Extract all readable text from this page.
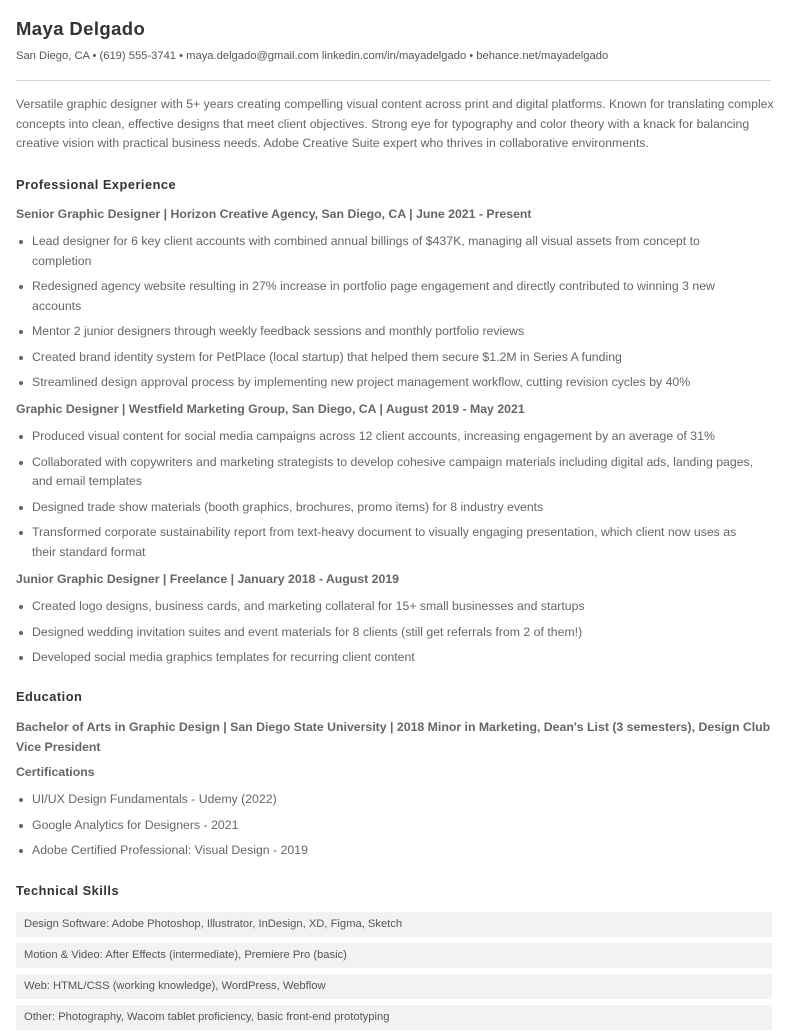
Maya Delgado
San Diego, CA • (619) 555-3741 • maya.delgado@gmail.com linkedin.com/in/mayadelgado • behance.net/mayadelgado

Versatile graphic designer with 5+ years creating compelling visual content across print and digital platforms. Known for translating complex concepts into clean, effective designs that meet client objectives. Strong eye for typography and color theory with a knack for balancing creative vision with practical business needs. Adobe Creative Suite expert who thrives in collaborative environments.

Professional Experience
Senior Graphic Designer | Horizon Creative Agency, San Diego, CA | June 2021 - Present
Lead designer for 6 key client accounts with combined annual billings of $437K, managing all visual assets from concept to completion
Redesigned agency website resulting in 27% increase in portfolio page engagement and directly contributed to winning 3 new accounts
Mentor 2 junior designers through weekly feedback sessions and monthly portfolio reviews
Created brand identity system for PetPlace (local startup) that helped them secure $1.2M in Series A funding
Streamlined design approval process by implementing new project management workflow, cutting revision cycles by 40%
Graphic Designer | Westfield Marketing Group, San Diego, CA | August 2019 - May 2021
Produced visual content for social media campaigns across 12 client accounts, increasing engagement by an average of 31%
Collaborated with copywriters and marketing strategists to develop cohesive campaign materials including digital ads, landing pages, and email templates
Designed trade show materials (booth graphics, brochures, promo items) for 8 industry events
Transformed corporate sustainability report from text-heavy document to visually engaging presentation, which client now uses as their standard format
Junior Graphic Designer | Freelance | January 2018 - August 2019
Created logo designs, business cards, and marketing collateral for 15+ small businesses and startups
Designed wedding invitation suites and event materials for 8 clients (still get referrals from 2 of them!)
Developed social media graphics templates for recurring client content
Education
Bachelor of Arts in Graphic Design | San Diego State University | 2018 Minor in Marketing, Dean's List (3 semesters), Design Club Vice President
Certifications
UI/UX Design Fundamentals - Udemy (2022)
Google Analytics for Designers - 2021
Adobe Certified Professional: Visual Design - 2019
Technical Skills
Design Software: Adobe Photoshop, Illustrator, InDesign, XD, Figma, Sketch
Motion & Video: After Effects (intermediate), Premiere Pro (basic)
Web: HTML/CSS (working knowledge), WordPress, Webflow
Other: Photography, Wacom tablet proficiency, basic front-end prototyping
